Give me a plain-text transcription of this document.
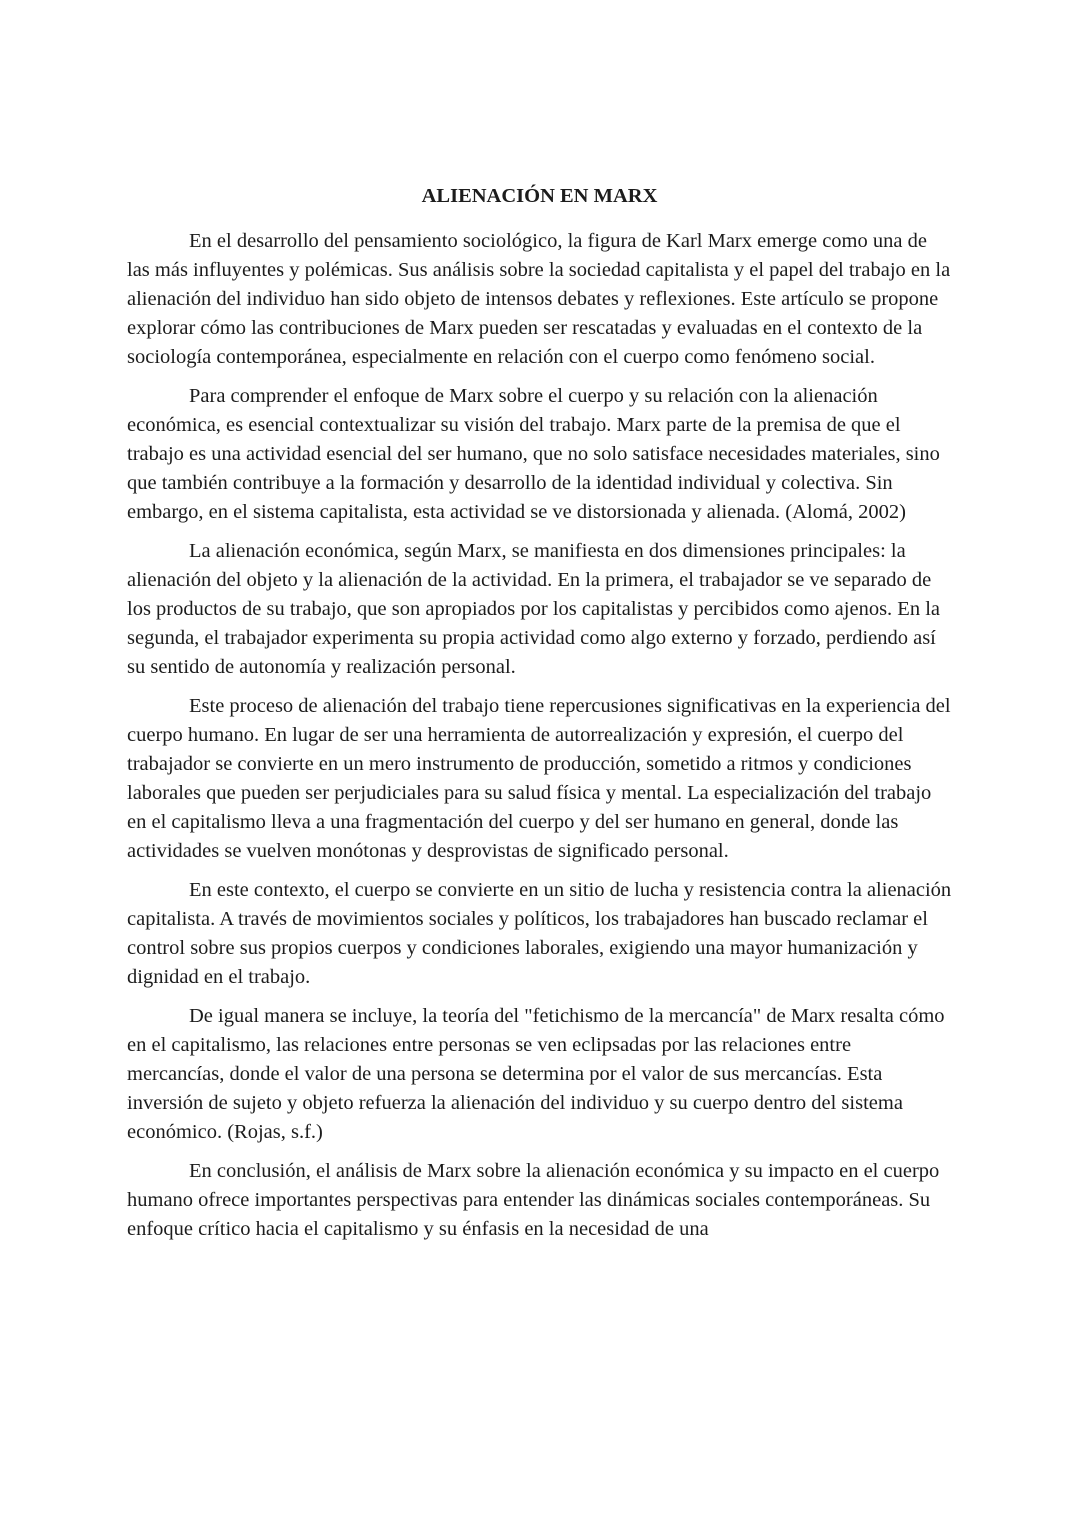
ALIENACIÓN EN MARX

En el desarrollo del pensamiento sociológico, la figura de Karl Marx emerge como una de las más influyentes y polémicas. Sus análisis sobre la sociedad capitalista y el papel del trabajo en la alienación del individuo han sido objeto de intensos debates y reflexiones. Este artículo se propone explorar cómo las contribuciones de Marx pueden ser rescatadas y evaluadas en el contexto de la sociología contemporánea, especialmente en relación con el cuerpo como fenómeno social.

Para comprender el enfoque de Marx sobre el cuerpo y su relación con la alienación económica, es esencial contextualizar su visión del trabajo. Marx parte de la premisa de que el trabajo es una actividad esencial del ser humano, que no solo satisface necesidades materiales, sino que también contribuye a la formación y desarrollo de la identidad individual y colectiva. Sin embargo, en el sistema capitalista, esta actividad se ve distorsionada y alienada. (Alomá, 2002)

La alienación económica, según Marx, se manifiesta en dos dimensiones principales: la alienación del objeto y la alienación de la actividad. En la primera, el trabajador se ve separado de los productos de su trabajo, que son apropiados por los capitalistas y percibidos como ajenos. En la segunda, el trabajador experimenta su propia actividad como algo externo y forzado, perdiendo así su sentido de autonomía y realización personal.

Este proceso de alienación del trabajo tiene repercusiones significativas en la experiencia del cuerpo humano. En lugar de ser una herramienta de autorrealización y expresión, el cuerpo del trabajador se convierte en un mero instrumento de producción, sometido a ritmos y condiciones laborales que pueden ser perjudiciales para su salud física y mental. La especialización del trabajo en el capitalismo lleva a una fragmentación del cuerpo y del ser humano en general, donde las actividades se vuelven monótonas y desprovistas de significado personal.

En este contexto, el cuerpo se convierte en un sitio de lucha y resistencia contra la alienación capitalista. A través de movimientos sociales y políticos, los trabajadores han buscado reclamar el control sobre sus propios cuerpos y condiciones laborales, exigiendo una mayor humanización y dignidad en el trabajo.

De igual manera se incluye, la teoría del "fetichismo de la mercancía" de Marx resalta cómo en el capitalismo, las relaciones entre personas se ven eclipsadas por las relaciones entre mercancías, donde el valor de una persona se determina por el valor de sus mercancías. Esta inversión de sujeto y objeto refuerza la alienación del individuo y su cuerpo dentro del sistema económico. (Rojas, s.f.)

En conclusión, el análisis de Marx sobre la alienación económica y su impacto en el cuerpo humano ofrece importantes perspectivas para entender las dinámicas sociales contemporáneas. Su enfoque crítico hacia el capitalismo y su énfasis en la necesidad de una
